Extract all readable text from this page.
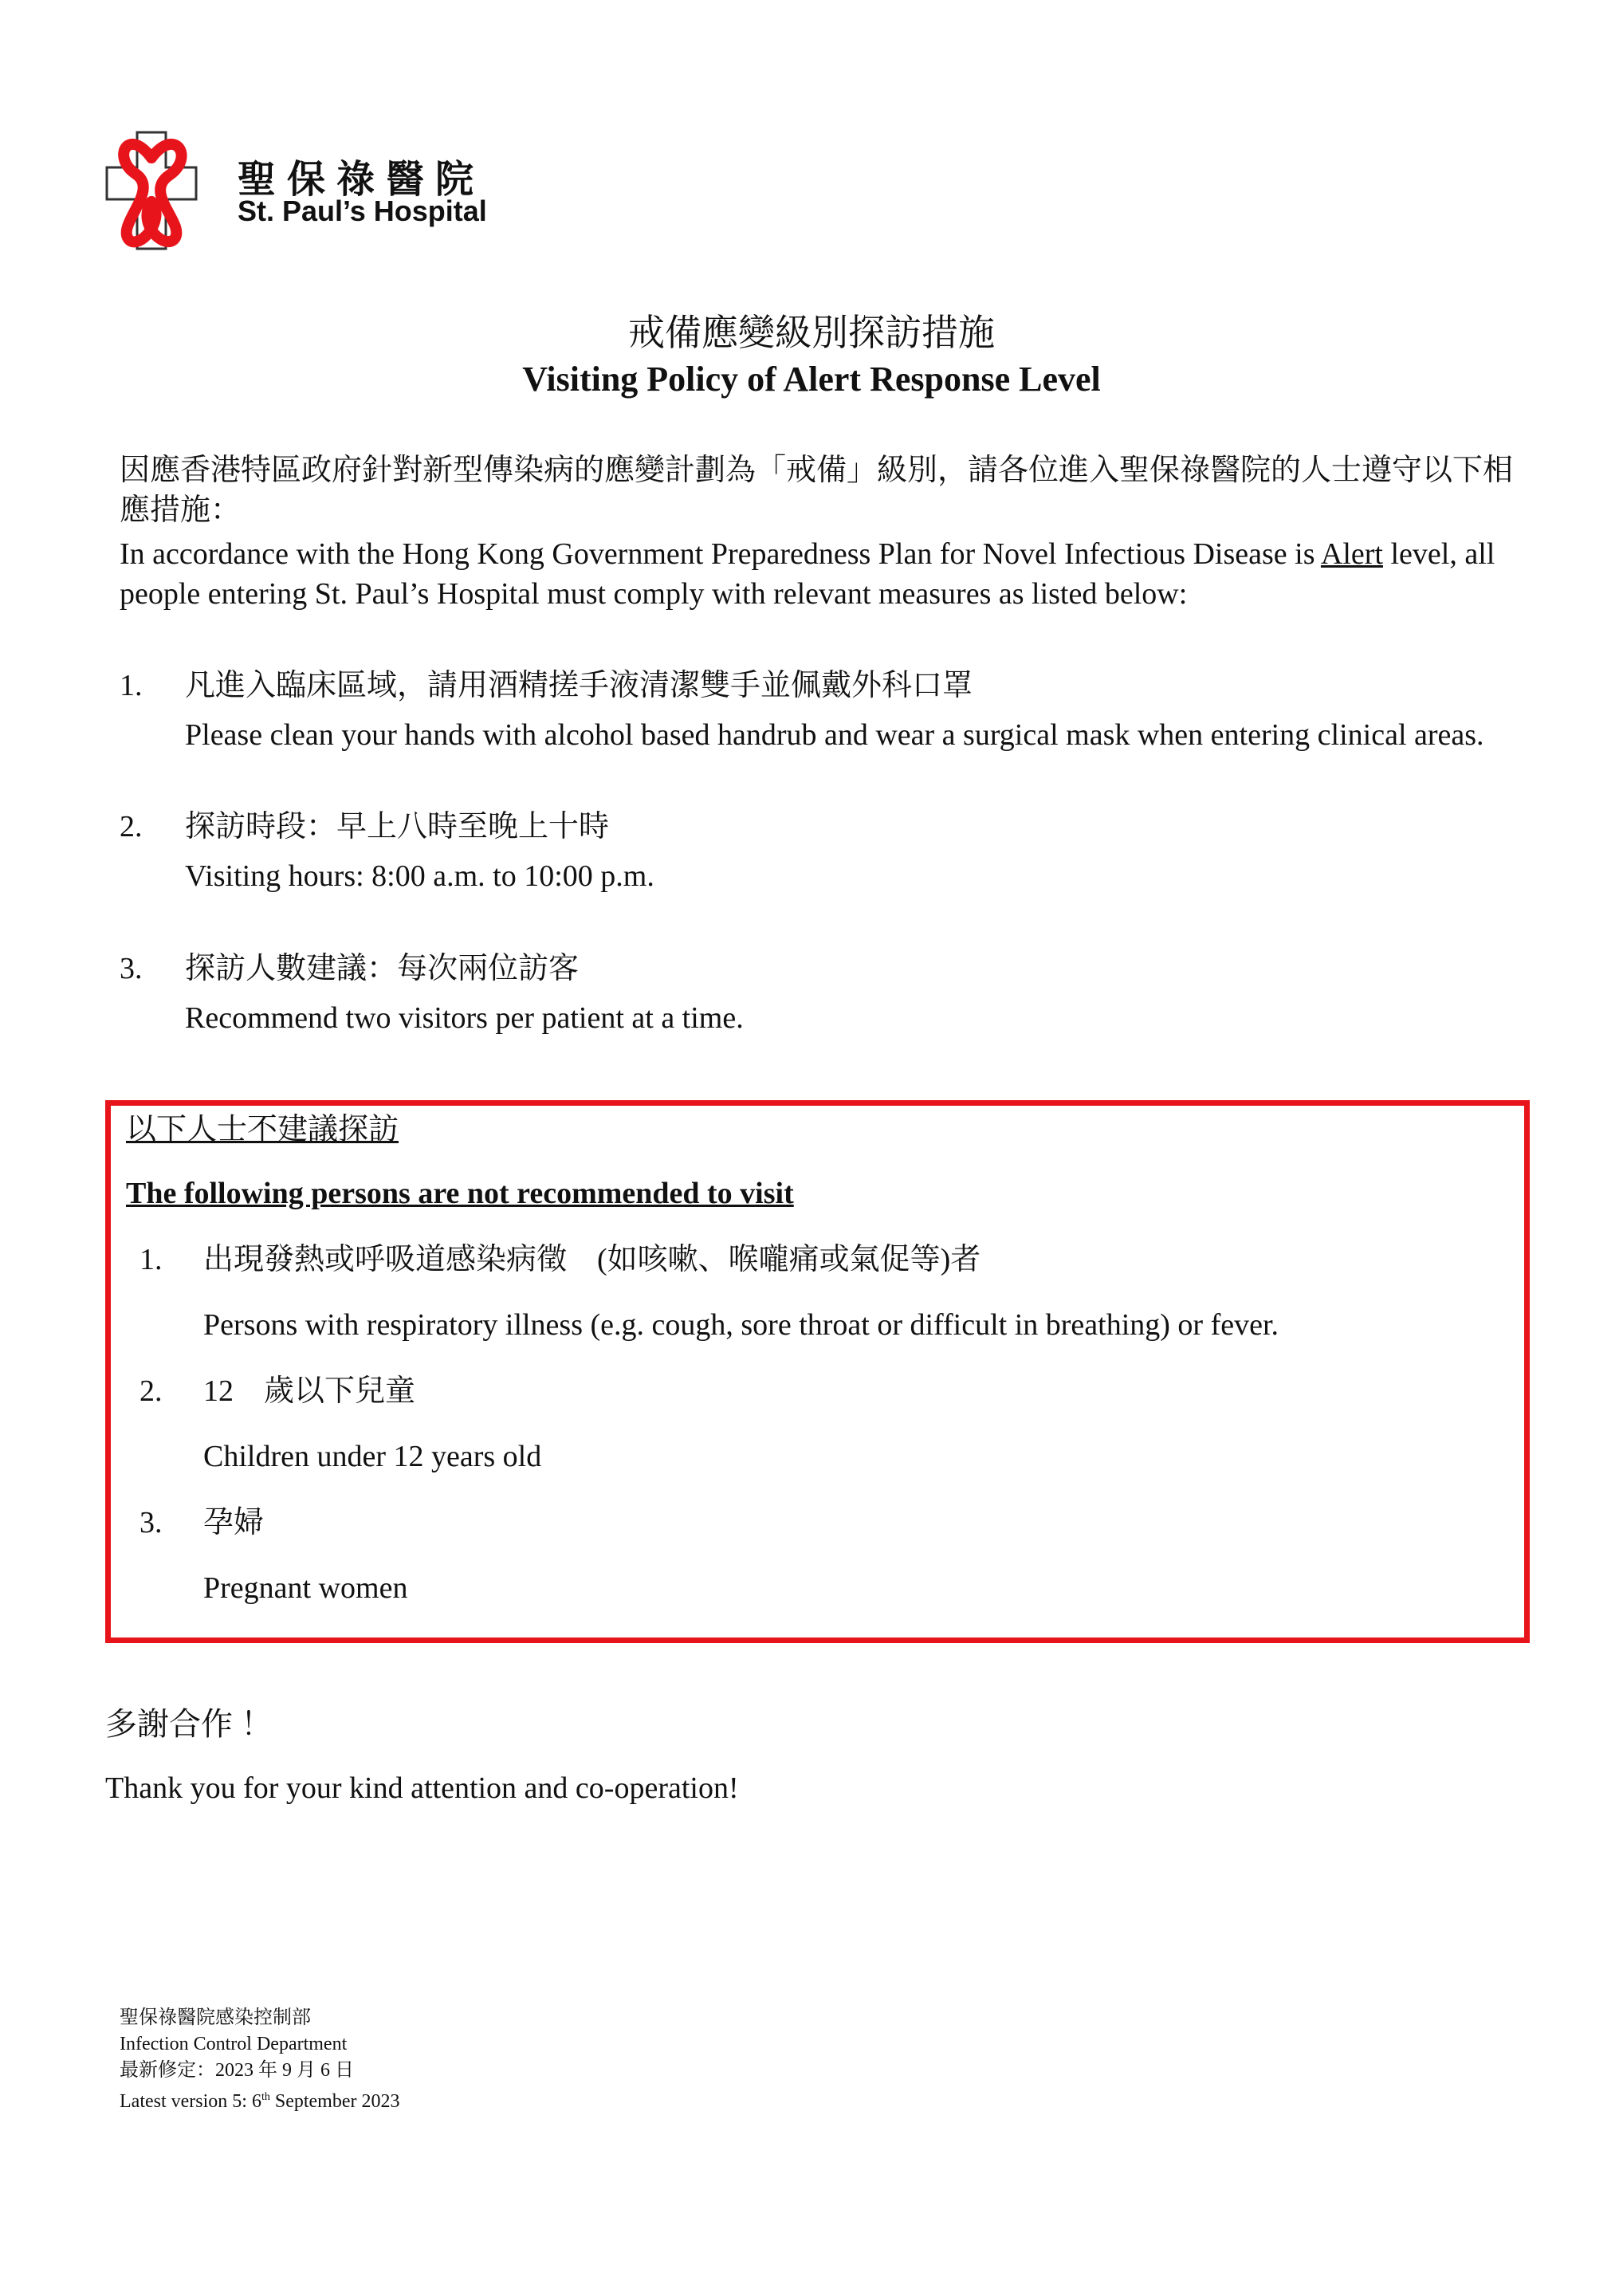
聖保祿醫院
St. Paul’s Hospital
戒備應變級別探訪措施
Visiting Policy of Alert Response Level
因應香港特區政府針對新型傳染病的應變計劃為「戒備」級別，請各位進入聖保祿醫院的人士遵守以下相應措施：
In accordance with the Hong Kong Government Preparedness Plan for Novel Infectious Disease is Alert level, all people entering St. Paul’s Hospital must comply with relevant measures as listed below:
1. 凡進入臨床區域，請用酒精搓手液清潔雙手並佩戴外科口罩
Please clean your hands with alcohol based handrub and wear a surgical mask when entering clinical areas.
2. 探訪時段：早上八時至晚上十時
Visiting hours: 8:00 a.m. to 10:00 p.m.
3. 探訪人數建議：每次兩位訪客
Recommend two visitors per patient at a time.
以下人士不建議探訪
The following persons are not recommended to visit
1. 出現發熱或呼吸道感染病徵　(如咳嗽、喉嚨痛或氣促等)者
Persons with respiratory illness (e.g. cough, sore throat or difficult in breathing) or fever.
2. 12　歲以下兒童
Children under 12 years old
3. 孕婦
Pregnant women
多謝合作 ！
Thank you for your kind attention and co-operation!
聖保祿醫院感染控制部
Infection Control Department
最新修定：2023 年 9 月 6 日
Latest version 5: 6th September 2023
